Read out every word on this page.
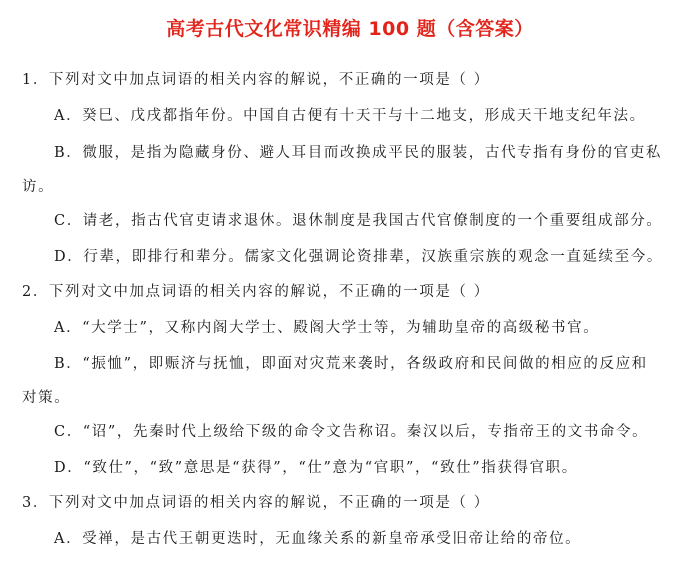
高考古代文化常识精编 100 题（含答案）
1．下列对文中加点词语的相关内容的解说，不正确的一项是（ ）
A．癸巳、戊戌都指年份。中国自古便有十天干与十二地支，形成天干地支纪年法。
B．微服，是指为隐藏身份、避人耳目而改换成平民的服装，古代专指有身份的官吏私
访。
C．请老，指古代官吏请求退休。退休制度是我国古代官僚制度的一个重要组成部分。
D．行辈，即排行和辈分。儒家文化强调论资排辈，汉族重宗族的观念一直延续至今。
2．下列对文中加点词语的相关内容的解说，不正确的一项是（ ）
A．“大学士”，又称内阁大学士、殿阁大学士等，为辅助皇帝的高级秘书官。
B．“振恤”，即赈济与抚恤，即面对灾荒来袭时，各级政府和民间做的相应的反应和
对策。
C．“诏”，先秦时代上级给下级的命令文告称诏。秦汉以后，专指帝王的文书命令。
D．“致仕”，“致”意思是“获得”，“仕”意为“官职”，“致仕”指获得官职。
3．下列对文中加点词语的相关内容的解说，不正确的一项是（ ）
A．受禅，是古代王朝更迭时，无血缘关系的新皇帝承受旧帝让给的帝位。
